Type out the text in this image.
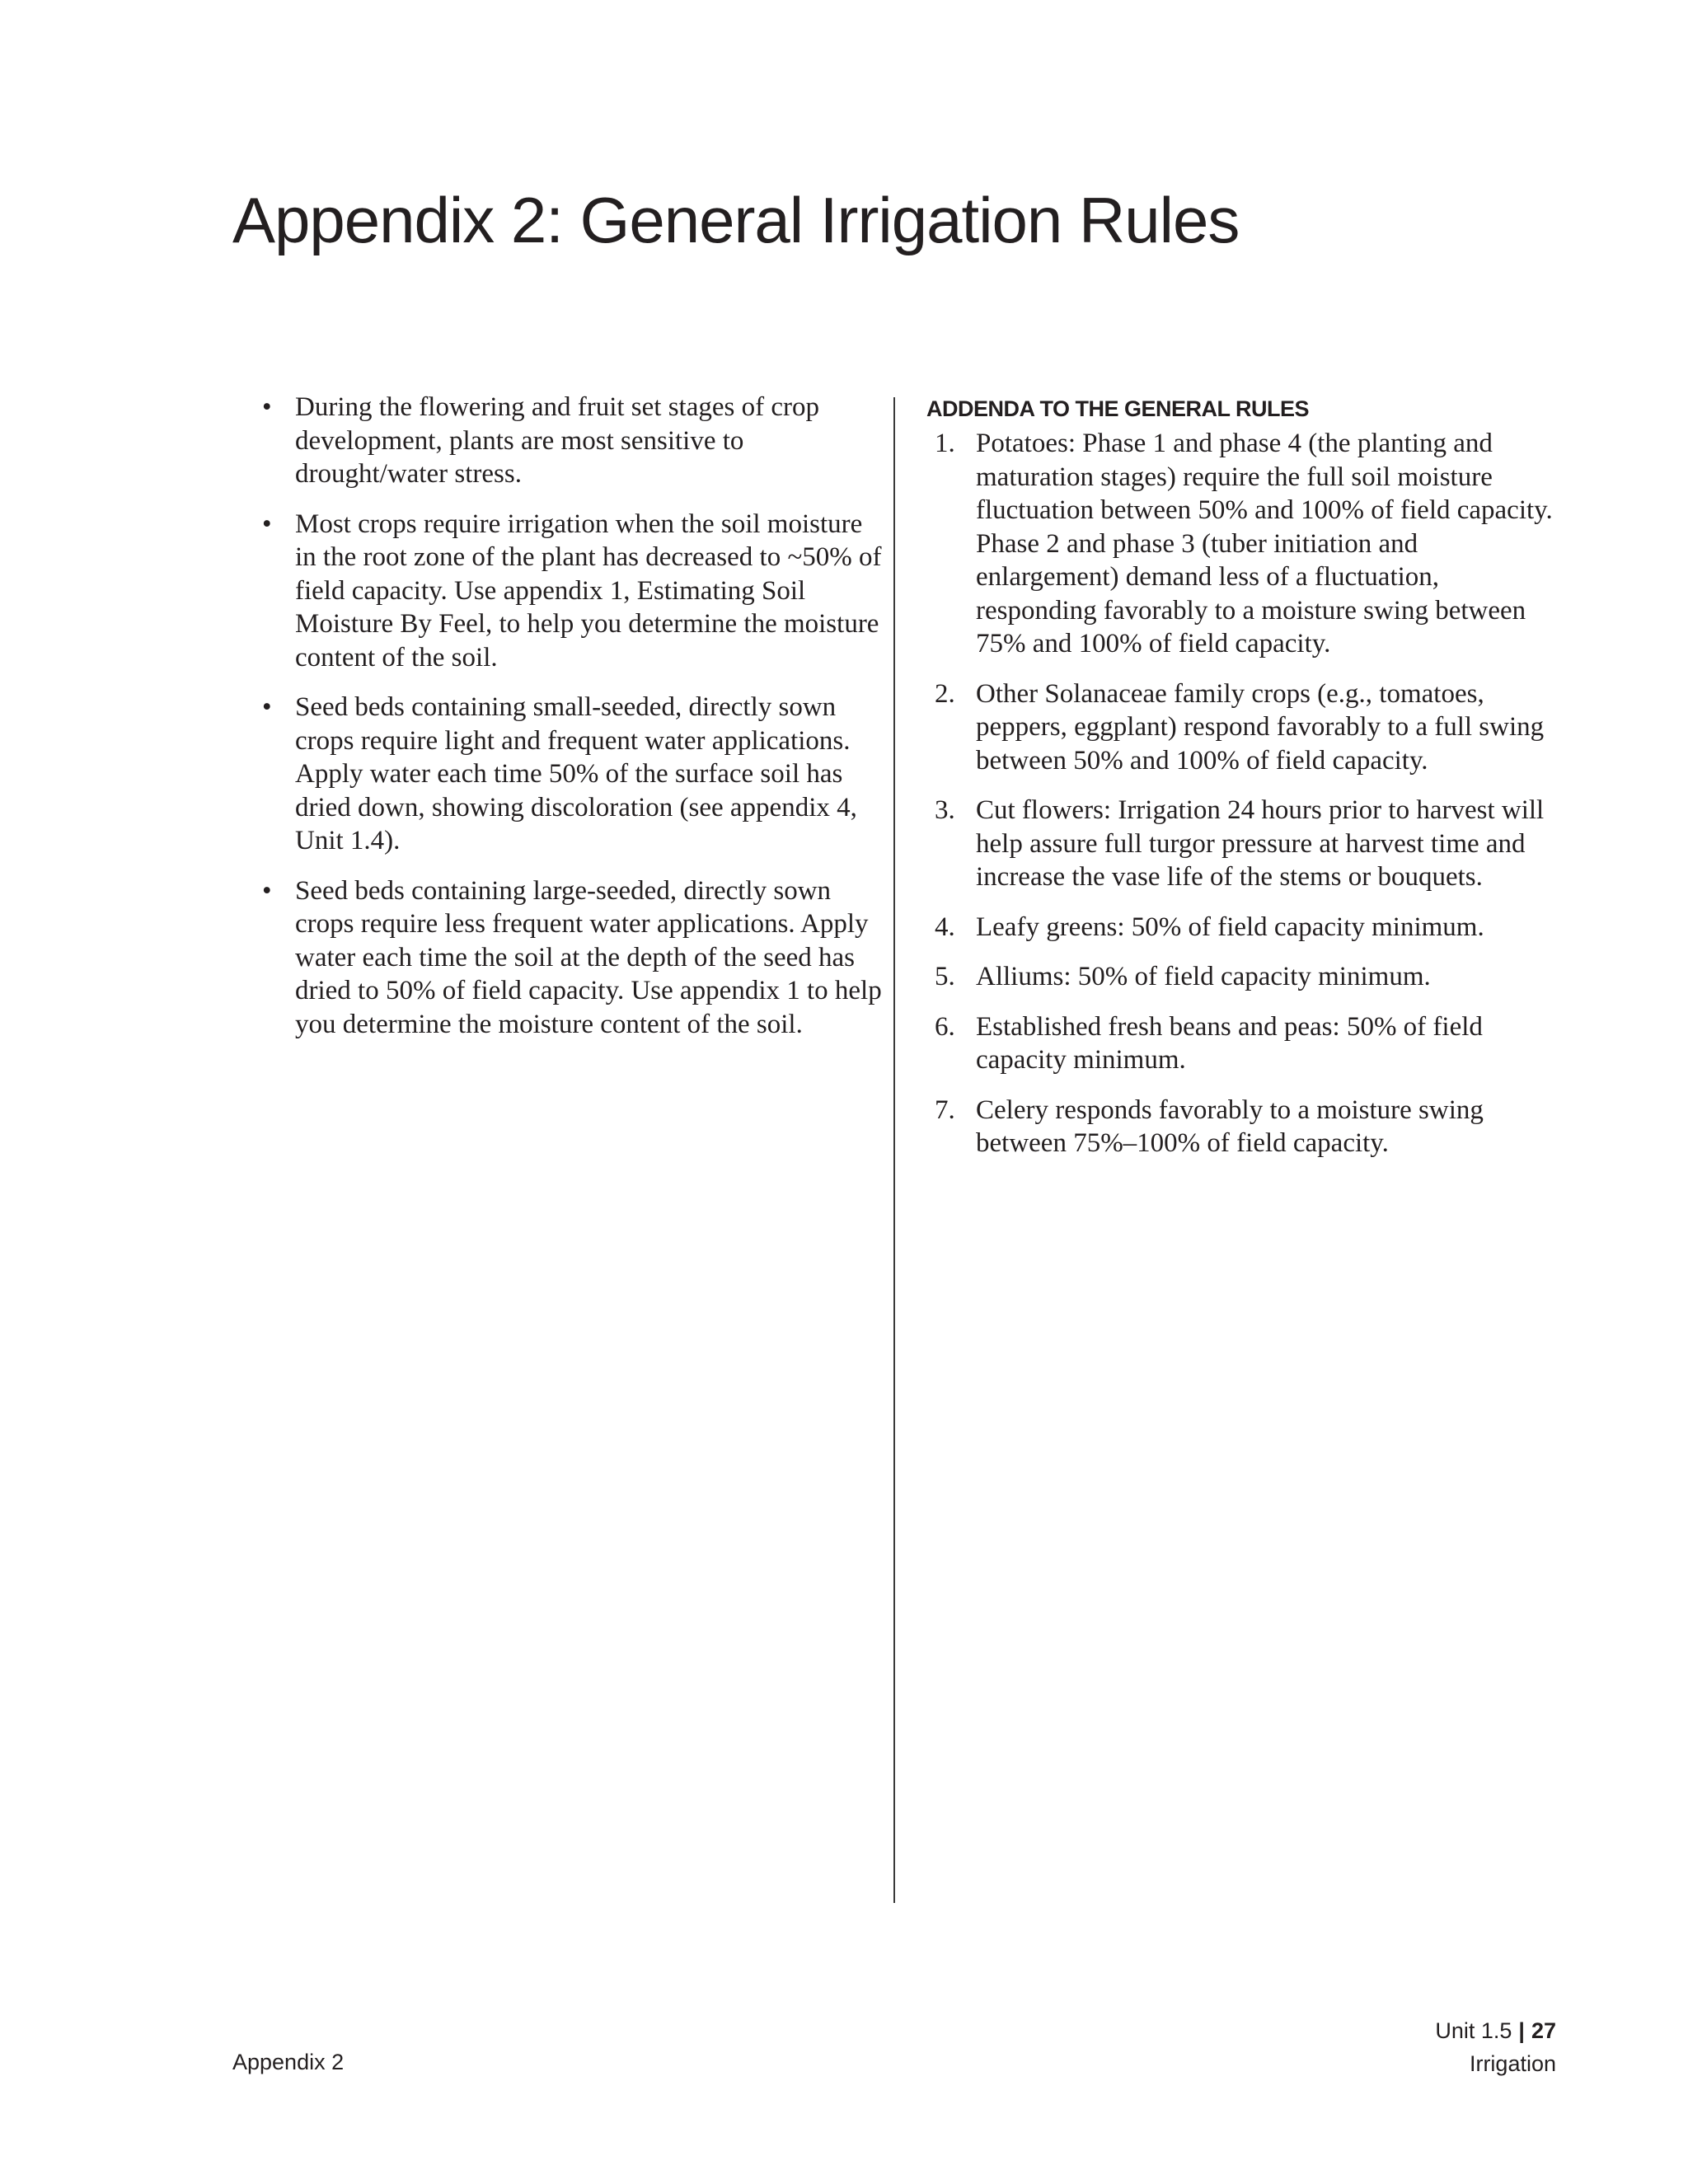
Appendix 2: General Irrigation Rules
• During the flowering and fruit set stages of crop development, plants are most sensitive to drought/water stress.
• Most crops require irrigation when the soil moisture in the root zone of the plant has decreased to ~50% of field capacity. Use appendix 1, Estimating Soil Moisture By Feel, to help you determine the moisture content of the soil.
• Seed beds containing small-seeded, directly sown crops require light and frequent water applications. Apply water each time 50% of the surface soil has dried down, showing discoloration (see appendix 4, Unit 1.4).
• Seed beds containing large-seeded, directly sown crops require less frequent water applications. Apply water each time the soil at the depth of the seed has dried to 50% of field capacity. Use appendix 1 to help you determine the moisture content of the soil.
ADDENDA TO THE GENERAL RULES
1. Potatoes: Phase 1 and phase 4 (the planting and maturation stages) require the full soil moisture fluctuation between 50% and 100% of field capacity. Phase 2 and phase 3 (tuber initiation and enlargement) demand less of a fluctuation, responding favorably to a moisture swing between 75% and 100% of field capacity.
2. Other Solanaceae family crops (e.g., tomatoes, peppers, eggplant) respond favorably to a full swing between 50% and 100% of field capacity.
3. Cut flowers: Irrigation 24 hours prior to harvest will help assure full turgor pressure at harvest time and increase the vase life of the stems or bouquets.
4. Leafy greens: 50% of field capacity minimum.
5. Alliums: 50% of field capacity minimum.
6. Established fresh beans and peas: 50% of field capacity minimum.
7. Celery responds favorably to a moisture swing between 75%–100% of field capacity.
Appendix 2
Unit 1.5 | 27
Irrigation
